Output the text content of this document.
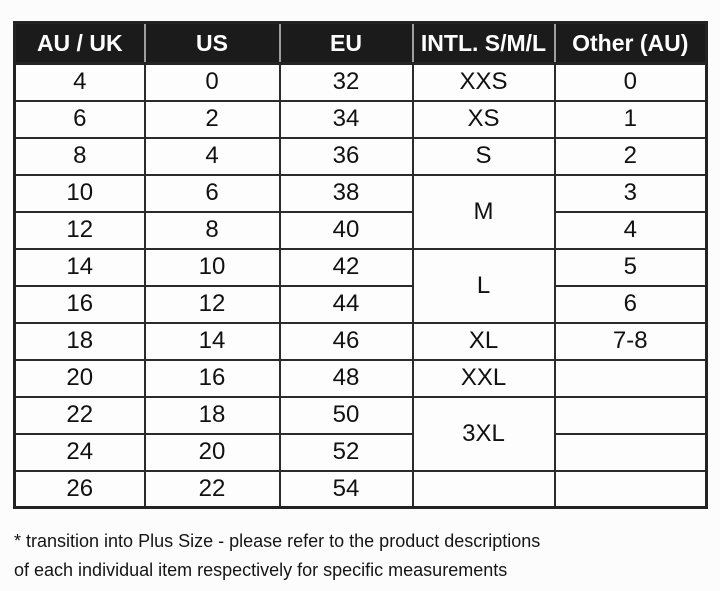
AU / UK	US	EU	INTL. S/M/L	Other (AU)
4	0	32	XXS	0
6	2	34	XS	1
8	4	36	S	2
10	6	38	M	3
12	8	40		4
14	10	42	L	5
16	12	44		6
18	14	46	XL	7-8
20	16	48	XXL	
22	18	50	3XL	
24	20	52		
26	22	54		
* transition into Plus Size - please refer to the product descriptions
of each individual item respectively for specific measurements
